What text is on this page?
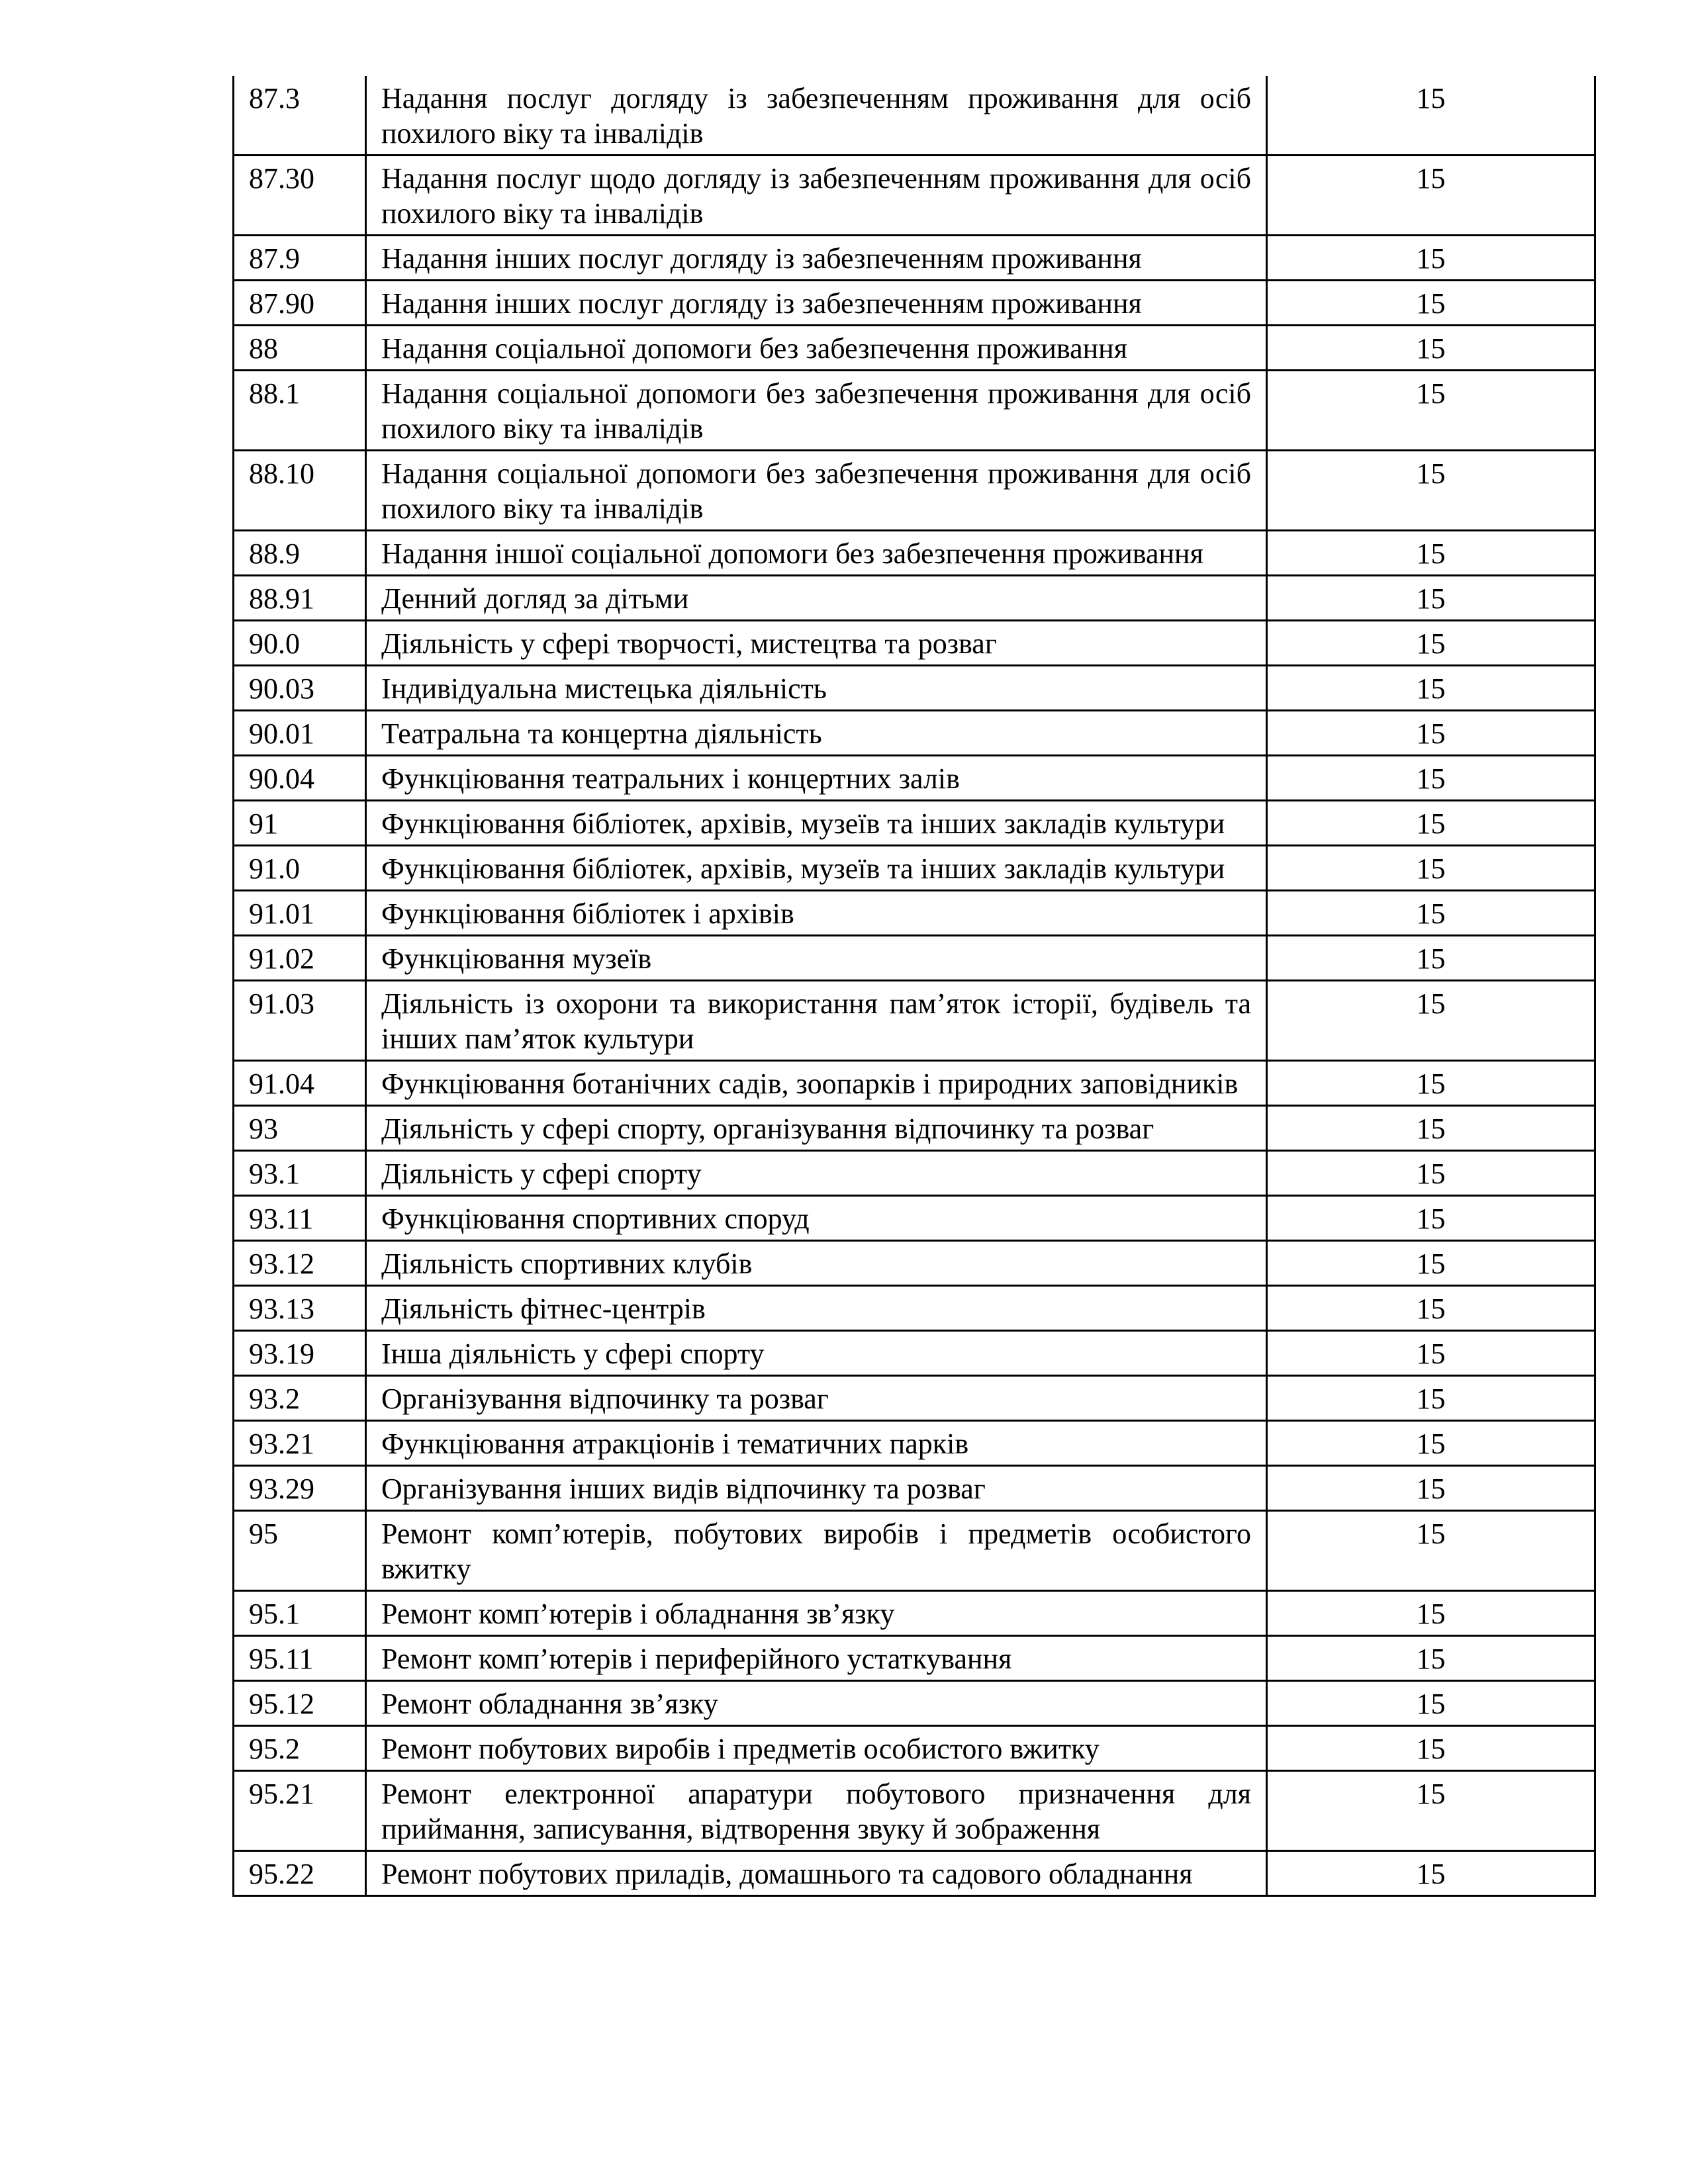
87.3	Надання послуг догляду із забезпеченням проживання для осіб похилого віку та інвалідів	15
87.30	Надання послуг щодо догляду із забезпеченням проживання для осіб похилого віку та інвалідів	15
87.9	Надання інших послуг догляду із забезпеченням проживання	15
87.90	Надання інших послуг догляду із забезпеченням проживання	15
88	Надання соціальної допомоги без забезпечення проживання	15
88.1	Надання соціальної допомоги без забезпечення проживання для осіб похилого віку та інвалідів	15
88.10	Надання соціальної допомоги без забезпечення проживання для осіб похилого віку та інвалідів	15
88.9	Надання іншої соціальної допомоги без забезпечення проживання	15
88.91	Денний догляд за дітьми	15
90.0	Діяльність у сфері творчості, мистецтва та розваг	15
90.03	Індивідуальна мистецька діяльність	15
90.01	Театральна та концертна діяльність	15
90.04	Функціювання театральних і концертних залів	15
91	Функціювання бібліотек, архівів, музеїв та інших закладів культури	15
91.0	Функціювання бібліотек, архівів, музеїв та інших закладів культури	15
91.01	Функціювання бібліотек і архівів	15
91.02	Функціювання музеїв	15
91.03	Діяльність із охорони та використання пам’яток історії, будівель та інших пам’яток культури	15
91.04	Функціювання ботанічних садів, зоопарків і природних заповідників	15
93	Діяльність у сфері спорту, організування відпочинку та розваг	15
93.1	Діяльність у сфері спорту	15
93.11	Функціювання спортивних споруд	15
93.12	Діяльність спортивних клубів	15
93.13	Діяльність фітнес-центрів	15
93.19	Інша діяльність у сфері спорту	15
93.2	Організування відпочинку та розваг	15
93.21	Функціювання атракціонів і тематичних парків	15
93.29	Організування інших видів відпочинку та розваг	15
95	Ремонт комп’ютерів, побутових виробів і предметів особистого вжитку	15
95.1	Ремонт комп’ютерів і обладнання зв’язку	15
95.11	Ремонт комп’ютерів і периферійного устаткування	15
95.12	Ремонт обладнання зв’язку	15
95.2	Ремонт побутових виробів і предметів особистого вжитку	15
95.21	Ремонт електронної апаратури побутового призначення для приймання, записування, відтворення звуку й зображення	15
95.22	Ремонт побутових приладів, домашнього та садового обладнання	15
